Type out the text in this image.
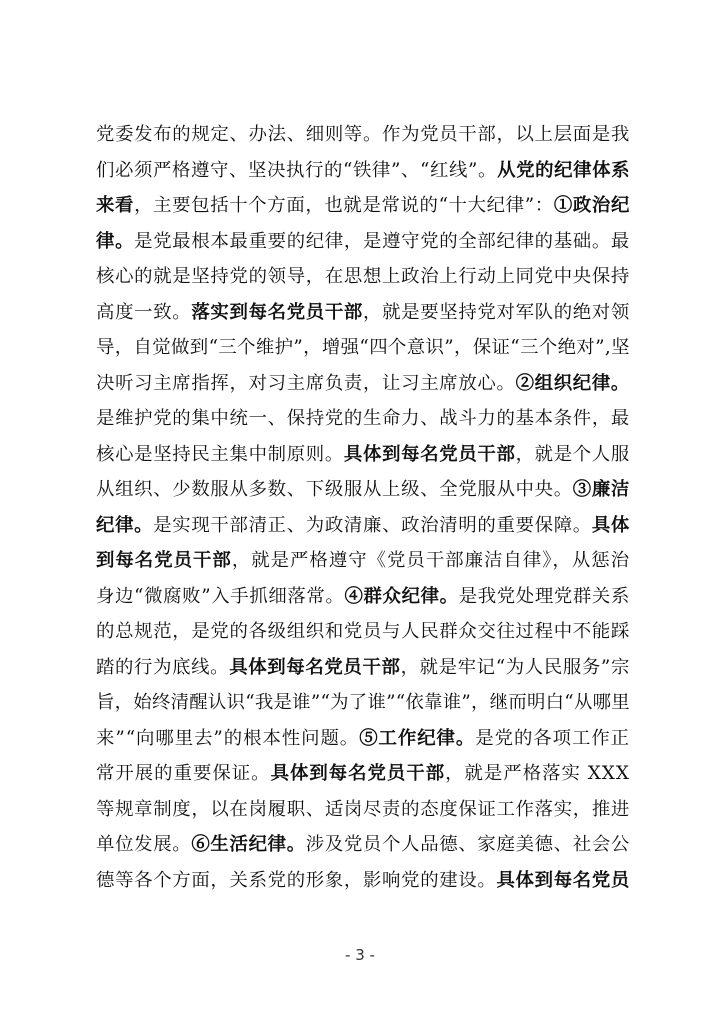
党委发布的规定、办法、细则等。作为党员干部，以上层面是我
们必须严格遵守、坚决执行的“铁律”、“红线”。 从党的纪律体系
来看 ，主要包括十个方面，也就是常说的“十大纪律”： ①政治纪
律。 是党最根本最重要的纪律，是遵守党的全部纪律的基础。最
核心的就是坚持党的领导，在思想上政治上行动上同党中央保持
高度一致。 落实到每名党员干部 ，就是要坚持党对军队的绝对领
导，自觉做到“三个维护”，增强“四个意识”，保证“三个绝对”,坚
决听习主席指挥，对习主席负责，让习主席放心。 ②组织纪律。
是维护党的集中统一、保持党的生命力、战斗力的基本条件，最
核心是坚持民主集中制原则。 具体到每名党员干部 ，就是个人服
从组织、少数服从多数、下级服从上级、全党服从中央。 ③廉洁
纪律。 是实现干部清正、为政清廉、政治清明的重要保障。 具体
到每名党员干部 ，就是严格遵守《党员干部廉洁自律》，从惩治
身边“微腐败”入手抓细落常。 ④群众纪律。 是我党处理党群关系
的总规范，是党的各级组织和党员与人民群众交往过程中不能踩
踏的行为底线。 具体到每名党员干部 ，就是牢记“为人民服务”宗
旨，始终清醒认识“我是谁”“为了谁”“依靠谁”，继而明白“从哪里
来”“向哪里去”的根本性问题。 ⑤工作纪律。 是党的各项工作正
常开展的重要保证。 具体到每名党员干部 ，就是严格落实 XXX
等规章制度，以在岗履职、适岗尽责的态度保证工作落实，推进
单位发展。 ⑥生活纪律。 涉及党员个人品德、家庭美德、社会公
德等各个方面，关系党的形象，影响党的建设。 具体到每名党员
- 3 -
